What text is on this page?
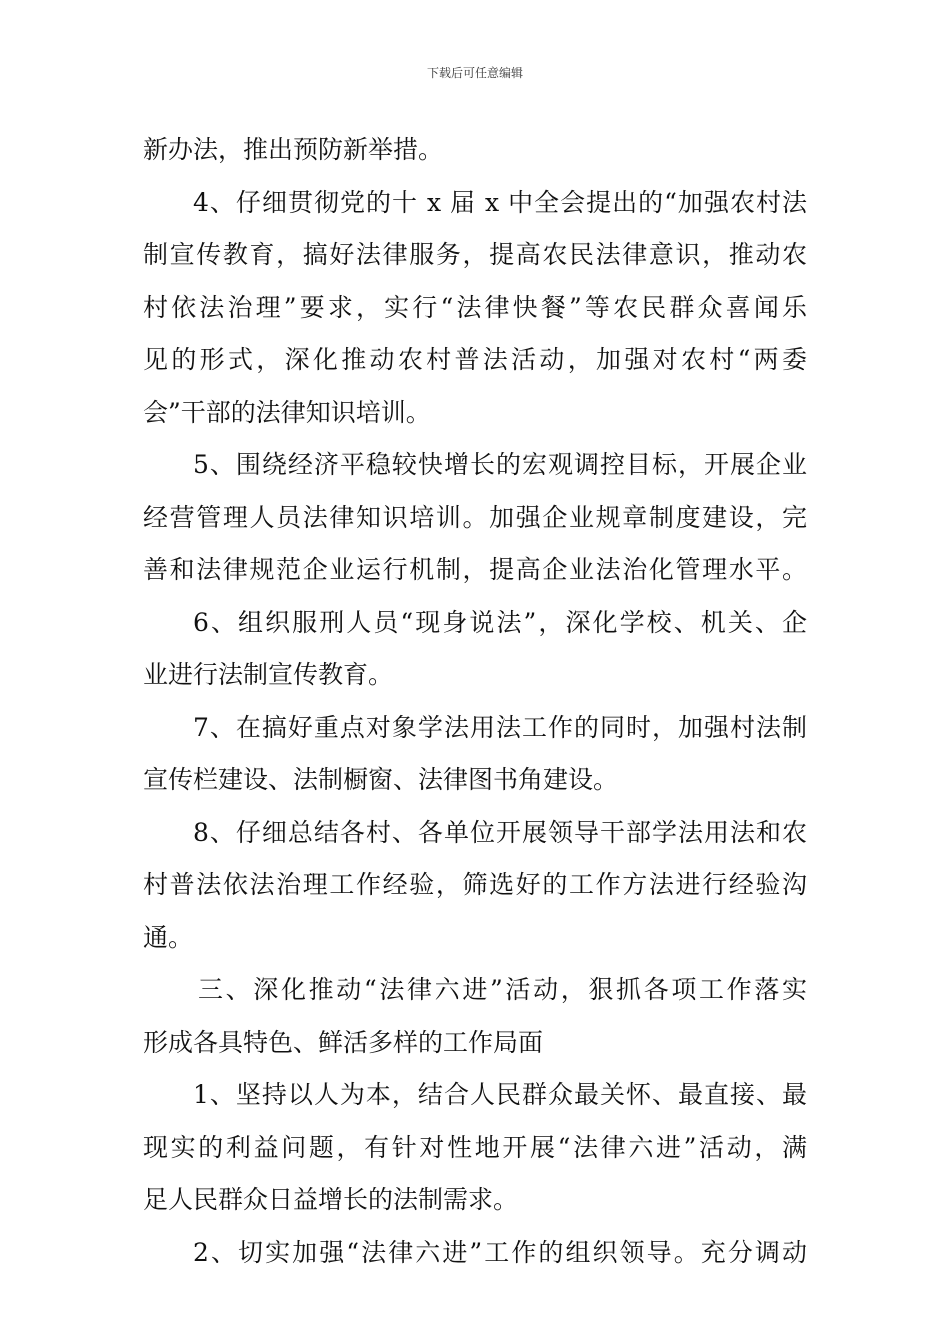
下载后可任意编辑
新办法，推出预防新举措。
4、仔细贯彻党的十 x 届 x 中全会提出的“加强农村法
制宣传教育，搞好法律服务，提高农民法律意识，推动农
村依法治理”要求，实行“法律快餐”等农民群众喜闻乐
见的形式，深化推动农村普法活动，加强对农村“两委
会”干部的法律知识培训。
5、围绕经济平稳较快增长的宏观调控目标，开展企业
经营管理人员法律知识培训。加强企业规章制度建设，完
善和法律规范企业运行机制，提高企业法治化管理水平。
6、组织服刑人员“现身说法”，深化学校、机关、企
业进行法制宣传教育。
7、在搞好重点对象学法用法工作的同时，加强村法制
宣传栏建设、法制橱窗、法律图书角建设。
8、仔细总结各村、各单位开展领导干部学法用法和农
村普法依法治理工作经验，筛选好的工作方法进行经验沟
通。
三、深化推动“法律六进”活动，狠抓各项工作落实
形成各具特色、鲜活多样的工作局面
1、坚持以人为本，结合人民群众最关怀、最直接、最
现实的利益问题，有针对性地开展“法律六进”活动，满
足人民群众日益增长的法制需求。
2、切实加强“法律六进”工作的组织领导。充分调动
